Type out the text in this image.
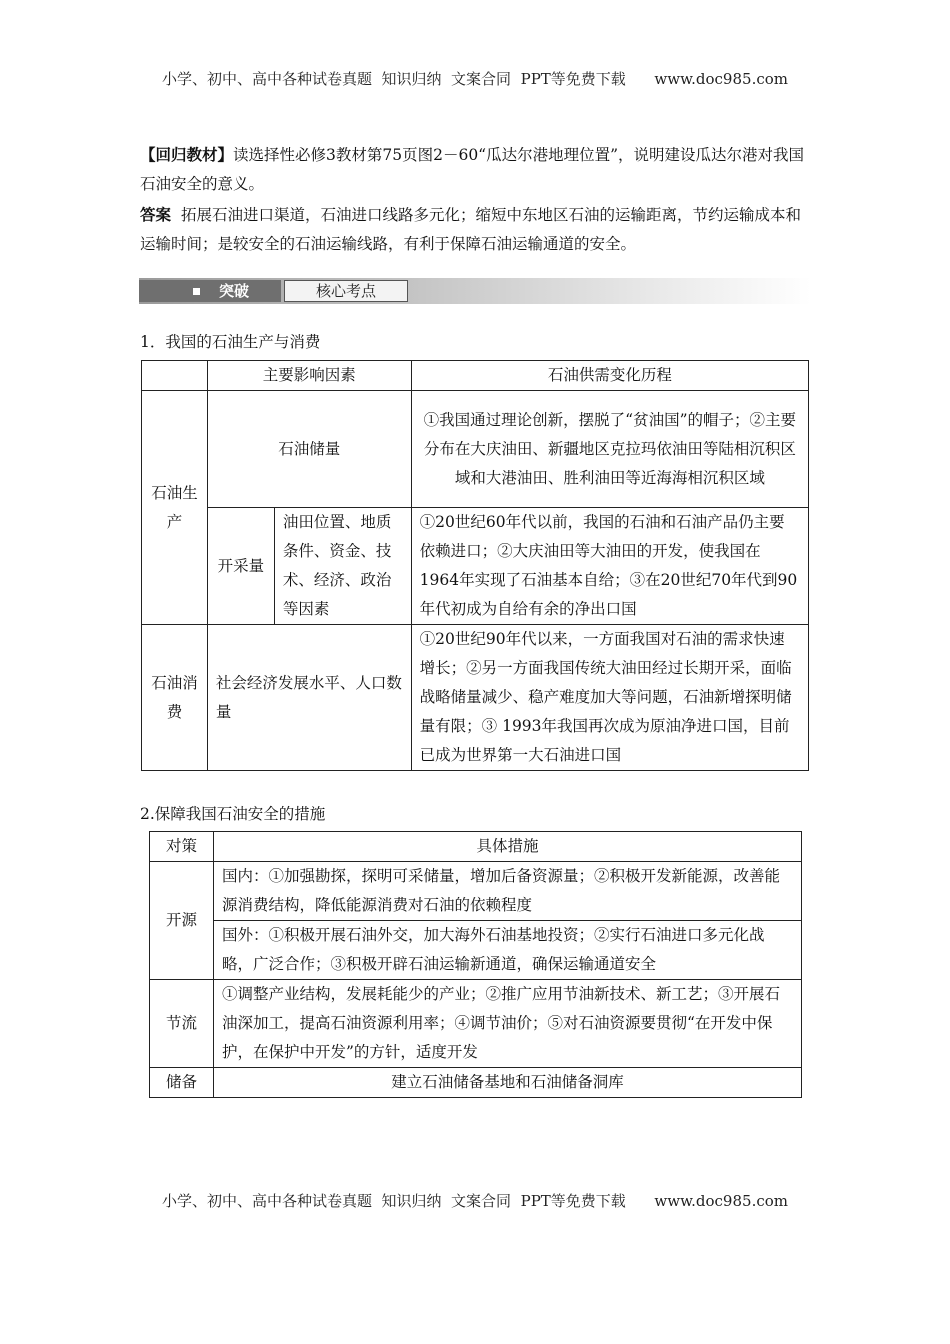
小学、初中、高中各种试卷真题  知识归纳  文案合同  PPT等免费下载      www.doc985.com
【回归教材】读选择性必修3教材第75页图2－60“瓜达尔港地理位置”，说明建设瓜达尔港对我国石油安全的意义。
答案 拓展石油进口渠道，石油进口线路多元化；缩短中东地区石油的运输距离，节约运输成本和运输时间；是较安全的石油运输线路，有利于保障石油运输通道的安全。
突破	核心考点
1．我国的石油生产与消费
	主要影响因素		石油供需变化历程
石油生产	石油储量		①我国通过理论创新，摆脱了“贫油国”的帽子；②主要分布在大庆油田、新疆地区克拉玛依油田等陆相沉积区域和大港油田、胜利油田等近海海相沉积区域
	开采量	油田位置、地质条件、资金、技术、经济、政治等因素	①20世纪60年代以前，我国的石油和石油产品仍主要依赖进口；②大庆油田等大油田的开发，使我国在1964年实现了石油基本自给；③在20世纪70年代到90年代初成为自给有余的净出口国
石油消费	社会经济发展水平、人口数量		①20世纪90年代以来，一方面我国对石油的需求快速增长；②另一方面我国传统大油田经过长期开采，面临战略储量减少、稳产难度加大等问题，石油新增探明储量有限；③ 1993年我国再次成为原油净进口国，目前已成为世界第一大石油进口国
2.保障我国石油安全的措施
对策	具体措施
开源	国内：①加强勘探，探明可采储量，增加后备资源量；②积极开发新能源，改善能源消费结构，降低能源消费对石油的依赖程度
	国外：①积极开展石油外交，加大海外石油基地投资；②实行石油进口多元化战略，广泛合作；③积极开辟石油运输新通道，确保运输通道安全
节流	①调整产业结构，发展耗能少的产业；②推广应用节油新技术、新工艺；③开展石油深加工，提高石油资源利用率；④调节油价；⑤对石油资源要贯彻“在开发中保护，在保护中开发”的方针，适度开发
储备	建立石油储备基地和石油储备洞库
小学、初中、高中各种试卷真题  知识归纳  文案合同  PPT等免费下载      www.doc985.com
